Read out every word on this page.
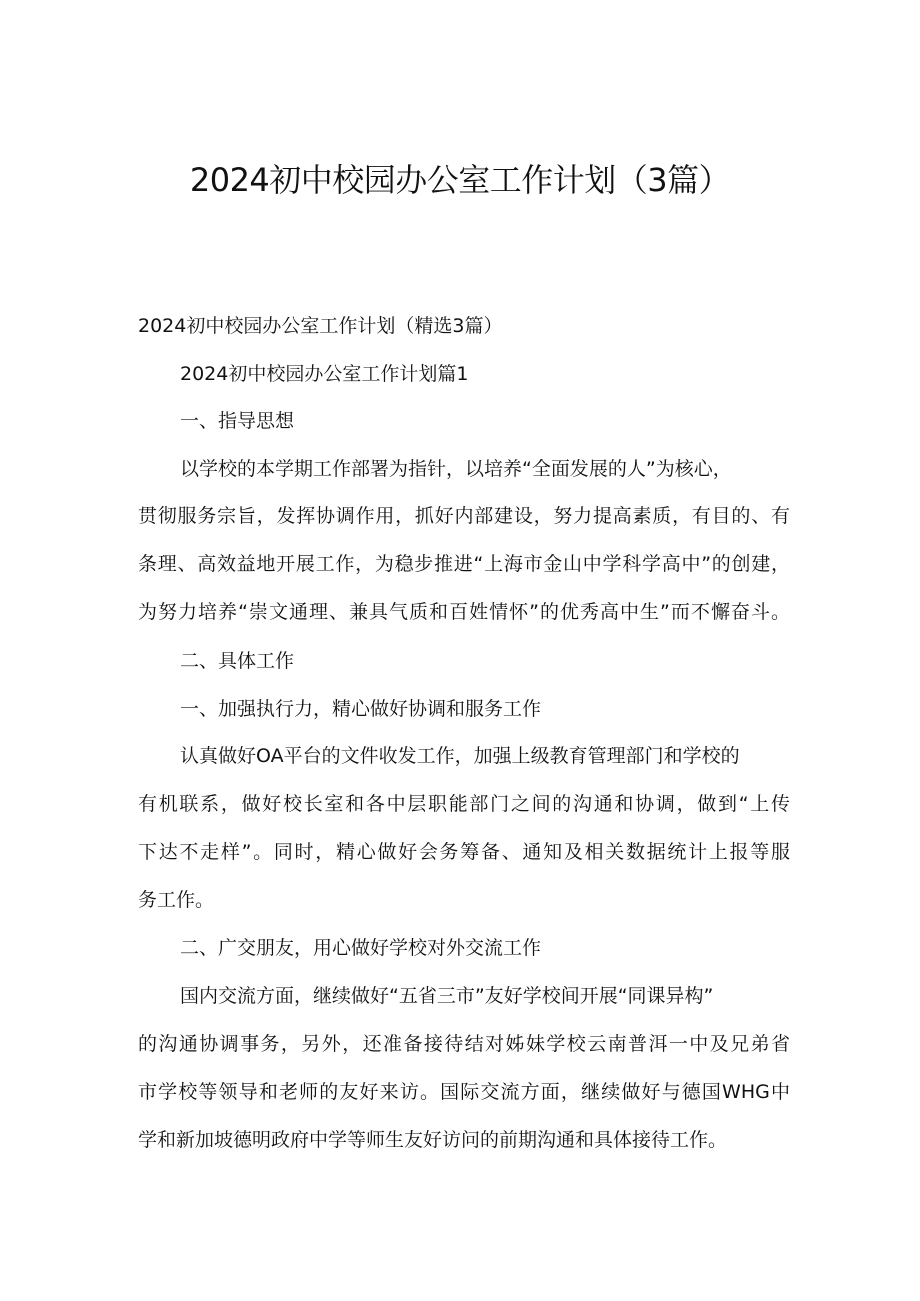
2024初中校园办公室工作计划（3篇）

2024初中校园办公室工作计划（精选3篇）

2024初中校园办公室工作计划篇1

一、指导思想

以学校的本学期工作部署为指针，以培养“全面发展的人”为核心，

贯彻服务宗旨，发挥协调作用，抓好内部建设，努力提高素质，有目的、有

条理、高效益地开展工作，为稳步推进“上海市金山中学科学高中”的创建，

为努力培养“崇文通理、兼具气质和百姓情怀”的优秀高中生”而不懈奋斗。

二、具体工作

一、加强执行力，精心做好协调和服务工作

认真做好OA平台的文件收发工作，加强上级教育管理部门和学校的

有机联系，做好校长室和各中层职能部门之间的沟通和协调，做到“上传

下达不走样”。同时，精心做好会务筹备、通知及相关数据统计上报等服

务工作。

二、广交朋友，用心做好学校对外交流工作

国内交流方面，继续做好“五省三市”友好学校间开展“同课异构”

的沟通协调事务，另外，还准备接待结对姊妹学校云南普洱一中及兄弟省

市学校等领导和老师的友好来访。国际交流方面，继续做好与德国WHG中

学和新加坡德明政府中学等师生友好访问的前期沟通和具体接待工作。
